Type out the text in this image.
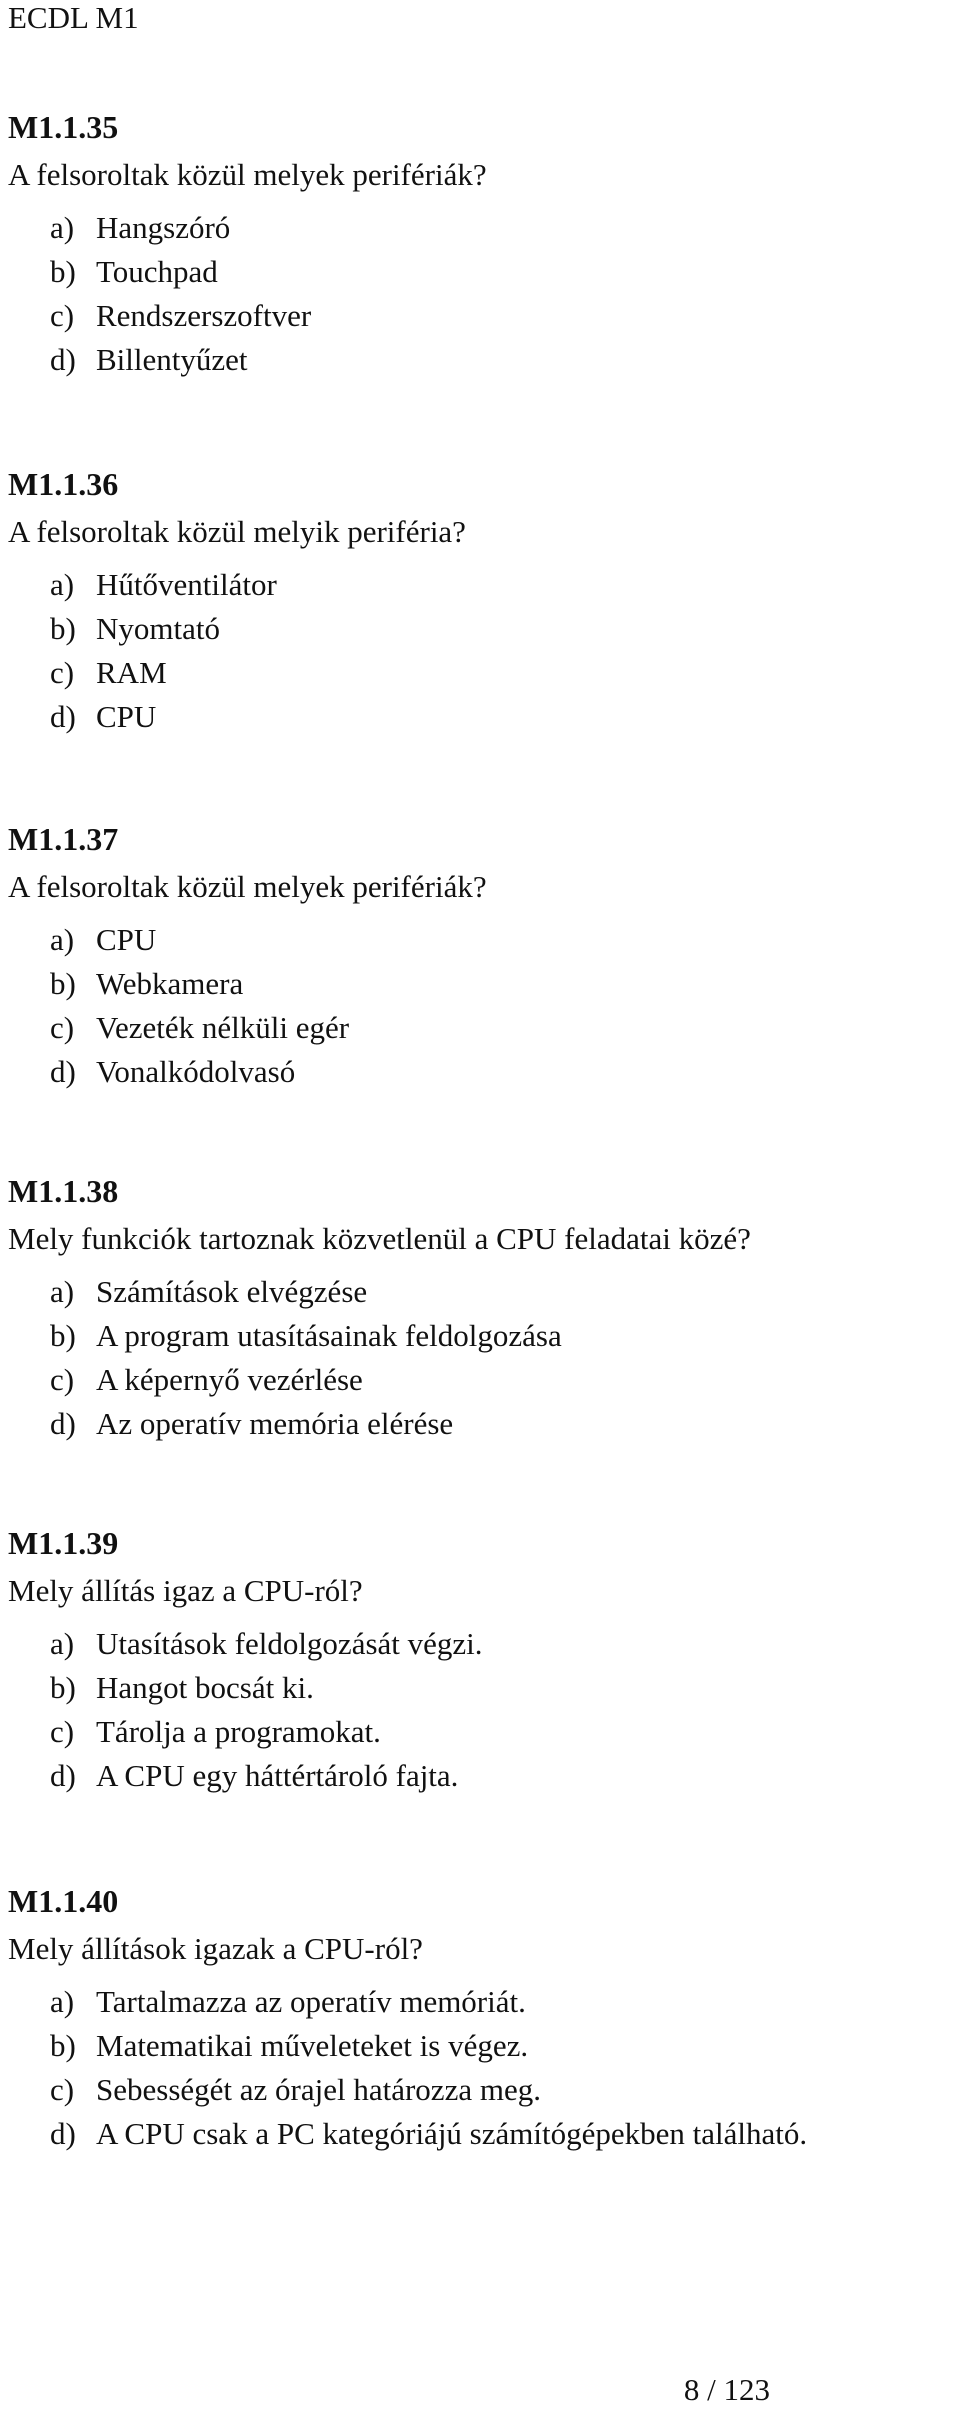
ECDL M1
M1.1.35
A felsoroltak közül melyek perifériák?
a) Hangszóró
b) Touchpad
c) Rendszerszoftver
d) Billentyűzet
M1.1.36
A felsoroltak közül melyik periféria?
a) Hűtőventilátor
b) Nyomtató
c) RAM
d) CPU
M1.1.37
A felsoroltak közül melyek perifériák?
a) CPU
b) Webkamera
c) Vezeték nélküli egér
d) Vonalkódolvasó
M1.1.38
Mely funkciók tartoznak közvetlenül a CPU feladatai közé?
a) Számítások elvégzése
b) A program utasításainak feldolgozása
c) A képernyő vezérlése
d) Az operatív memória elérése
M1.1.39
Mely állítás igaz a CPU-ról?
a) Utasítások feldolgozását végzi.
b) Hangot bocsát ki.
c) Tárolja a programokat.
d) A CPU egy háttértároló fajta.
M1.1.40
Mely állítások igazak a CPU-ról?
a) Tartalmazza az operatív memóriát.
b) Matematikai műveleteket is végez.
c) Sebességét az órajel határozza meg.
d) A CPU csak a PC kategóriájú számítógépekben található.
8 / 123
